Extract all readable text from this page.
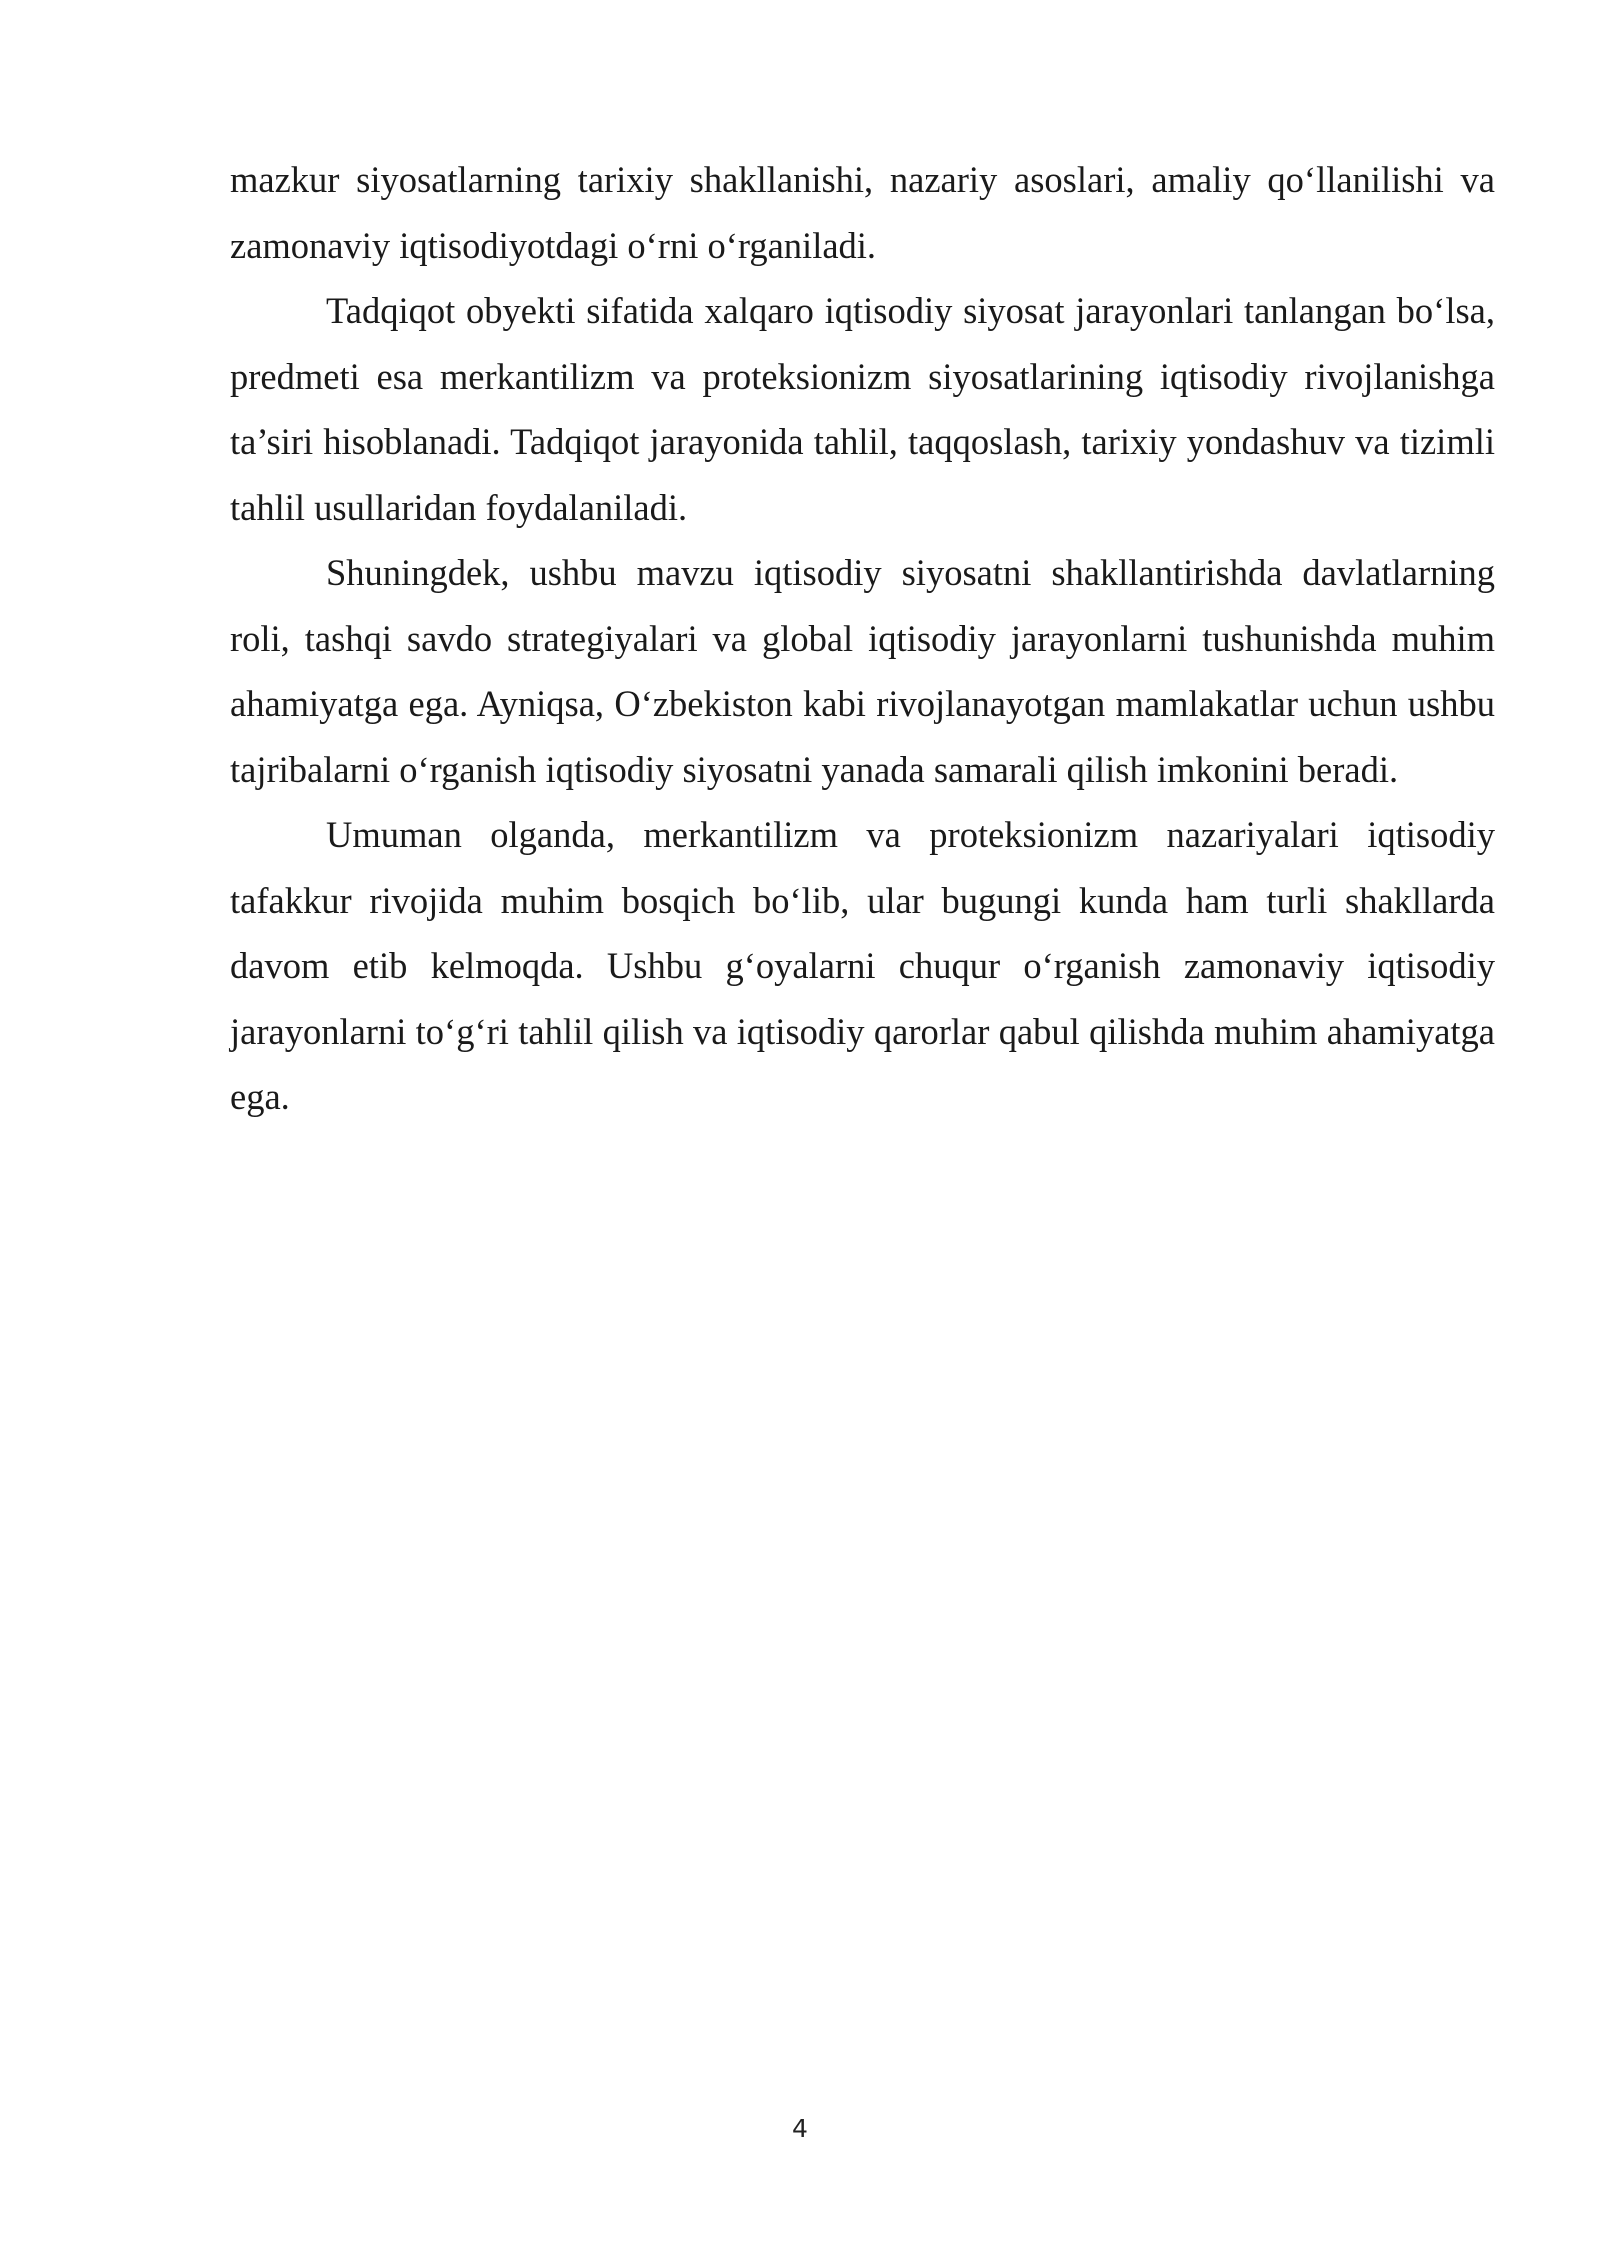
mazkur siyosatlarning tarixiy shakllanishi, nazariy asoslari, amaliy qo‘llanilishi va zamonaviy iqtisodiyotdagi o‘rni o‘rganiladi.

Tadqiqot obyekti sifatida xalqaro iqtisodiy siyosat jarayonlari tanlangan bo‘lsa, predmeti esa merkantilizm va proteksionizm siyosatlarining iqtisodiy rivojlanishga ta’siri hisoblanadi. Tadqiqot jarayonida tahlil, taqqoslash, tarixiy yondashuv va tizimli tahlil usullaridan foydalaniladi.

Shuningdek, ushbu mavzu iqtisodiy siyosatni shakllantirishda davlatlarning roli, tashqi savdo strategiyalari va global iqtisodiy jarayonlarni tushunishda muhim ahamiyatga ega. Ayniqsa, O‘zbekiston kabi rivojlanayotgan mamlakatlar uchun ushbu tajribalarni o‘rganish iqtisodiy siyosatni yanada samarali qilish imkonini beradi.

Umuman olganda, merkantilizm va proteksionizm nazariyalari iqtisodiy tafakkur rivojida muhim bosqich bo‘lib, ular bugungi kunda ham turli shakllarda davom etib kelmoqda. Ushbu g‘oyalarni chuqur o‘rganish zamonaviy iqtisodiy jarayonlarni to‘g‘ri tahlil qilish va iqtisodiy qarorlar qabul qilishda muhim ahamiyatga ega.

4
